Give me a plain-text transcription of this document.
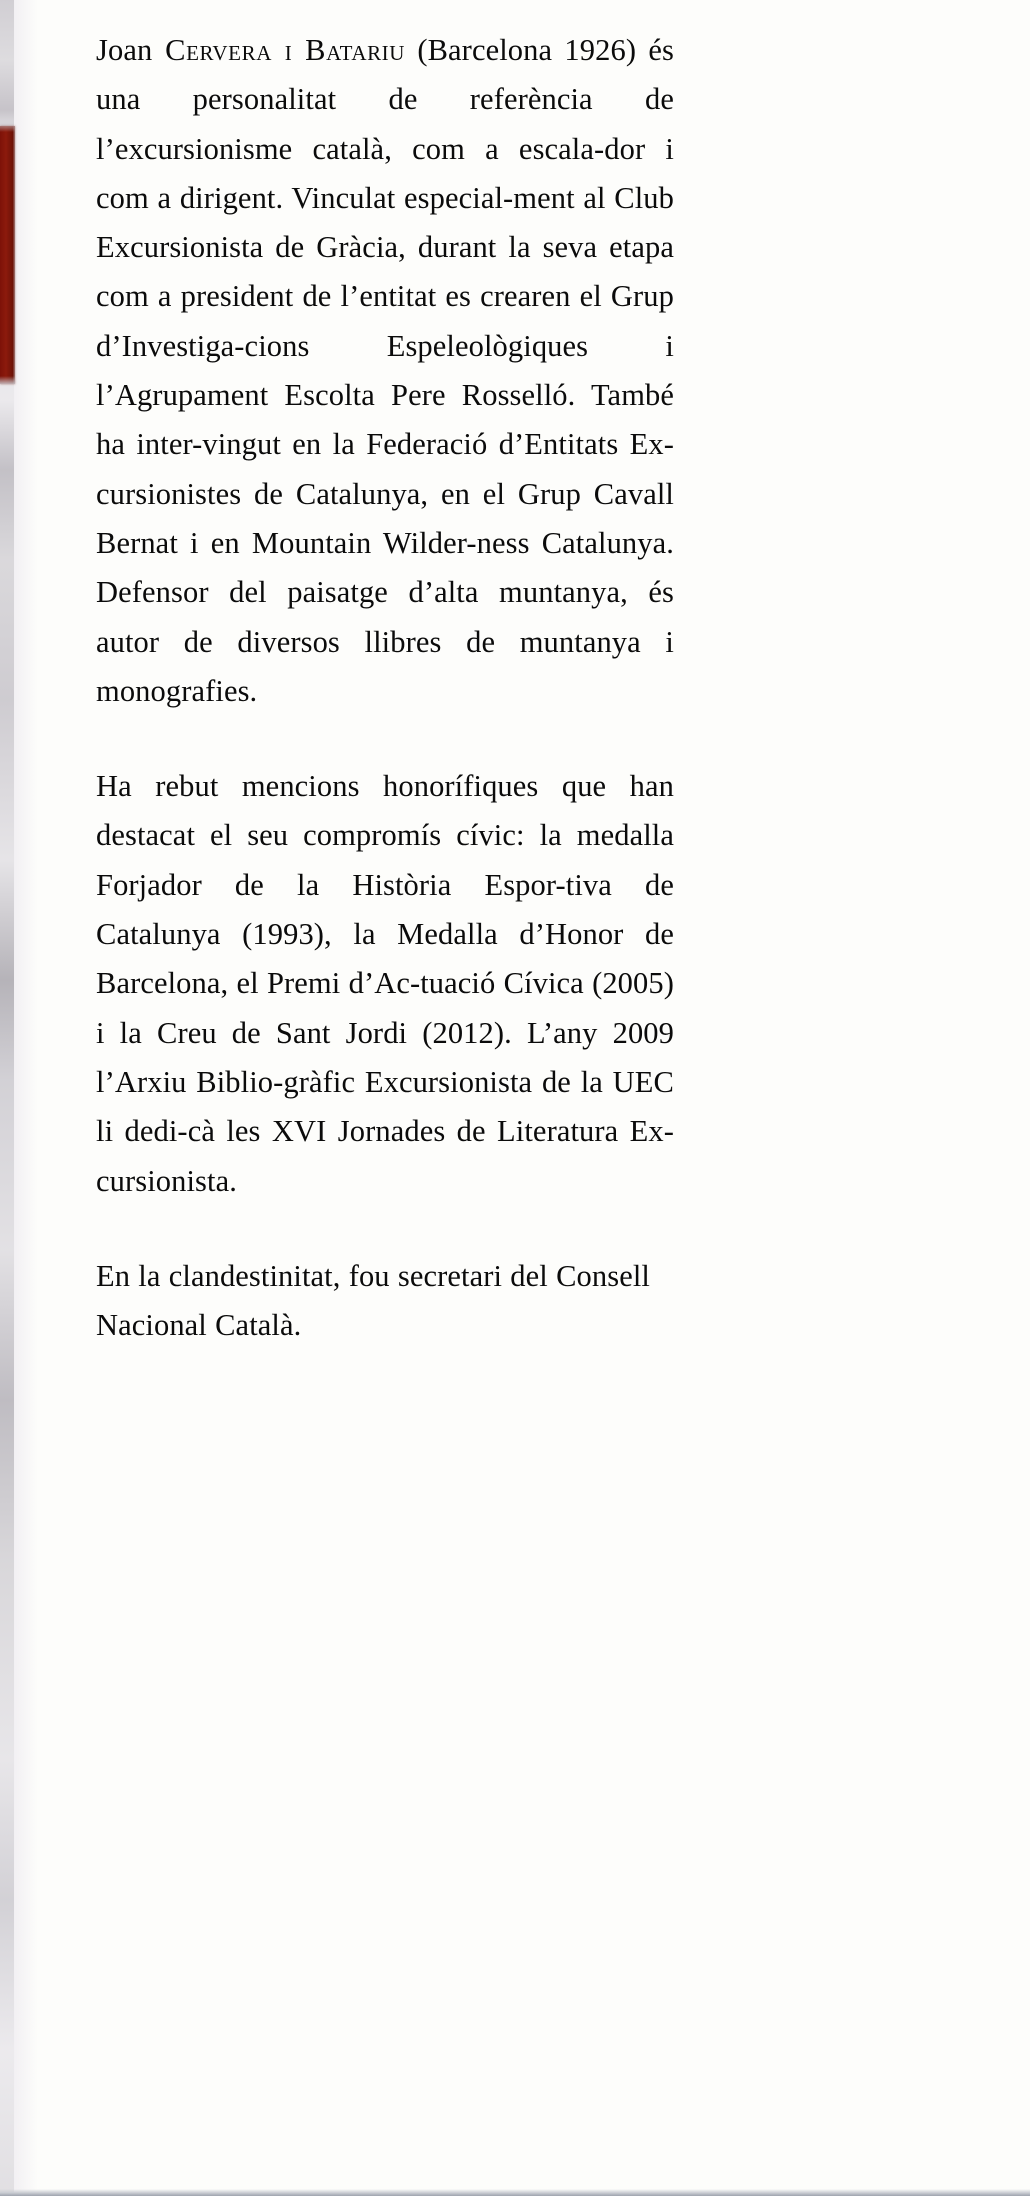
Joan Cervera i Batariu (Barcelona 1926) és una personalitat de referència de l’excursionisme català, com a escala-​dor i com a dirigent. Vinculat especial-​ment al Club Excursionista de Gràcia, durant la seva etapa com a president de l’entitat es crearen el Grup d’Investiga-​cions Espeleològiques i l’Agrupament Escolta Pere Rosselló. També ha inter-​vingut en la Federació d’Entitats Ex-​cursionistes de Catalunya, en el Grup Cavall Bernat i en Mountain Wilder-​ness Catalunya. Defensor del paisatge d’alta muntanya, és autor de diversos llibres de muntanya i monografies.

Ha rebut mencions honorífiques que han destacat el seu compromís cívic: la medalla Forjador de la Història Espor-​tiva de Catalunya (1993), la Medalla d’Honor de Barcelona, el Premi d’Ac-​tuació Cívica (2005) i la Creu de Sant Jordi (2012). L’any 2009 l’Arxiu Biblio-​gràfic Excursionista de la UEC li dedi-​cà les XVI Jornades de Literatura Ex-​cursionista.

En la clandestinitat, fou secretari del Consell Nacional Català.
